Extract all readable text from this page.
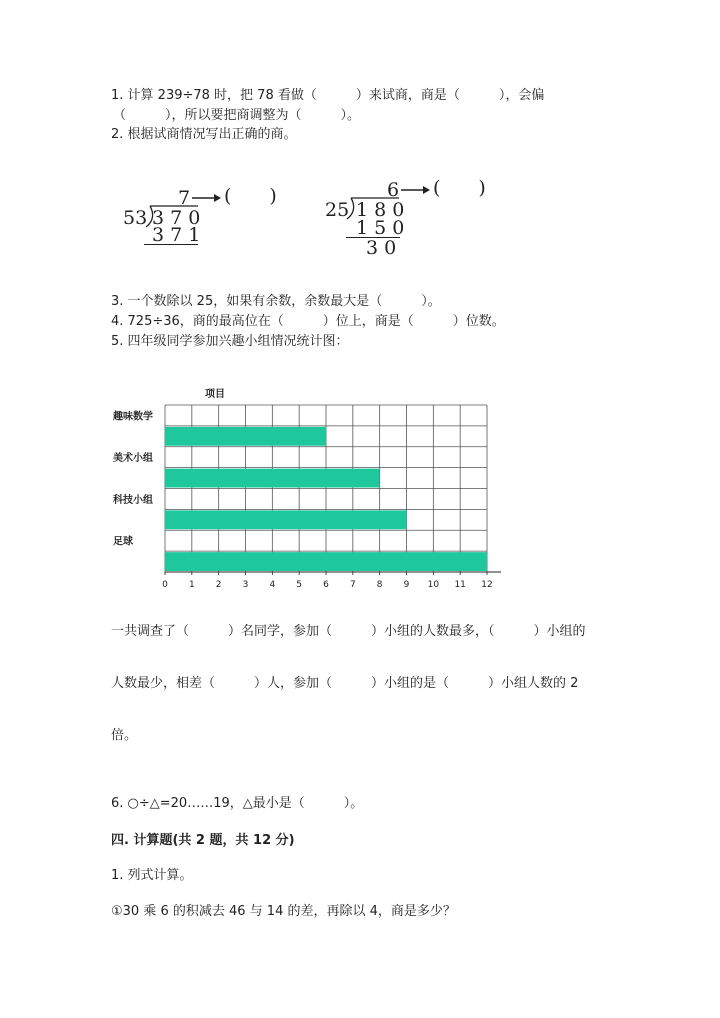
1. 计算 239÷78 时，把 78 看做（　　　）来试商，商是（　　　），会偏
（　　　），所以要把商调整为（　　　）。
2. 根据试商情况写出正确的商。
7 (　　)
53 3 7 0
3 7 1
6 (　　)
25 1 8 0
1 5 0
3 0
3. 一个数除以 25，如果有余数，余数最大是（　　　）。
4. 725÷36，商的最高位在（　　　）位上，商是（　　　）位数。
5. 四年级同学参加兴趣小组情况统计图：
项目
趣味数学
美术小组
科技小组
足球
0 1 2 3 4 5 6 7 8 9 10 11 12
一共调查了（　　　）名同学，参加（　　　）小组的人数最多，（　　　）小组的
人数最少，相差（　　　）人，参加（　　　）小组的是（　　　）小组人数的 2
倍。
6. ○÷△=20……19，△最小是（　　　）。
四. 计算题(共 2 题，共 12 分)
1. 列式计算。
①30 乘 6 的积减去 46 与 14 的差，再除以 4，商是多少？
